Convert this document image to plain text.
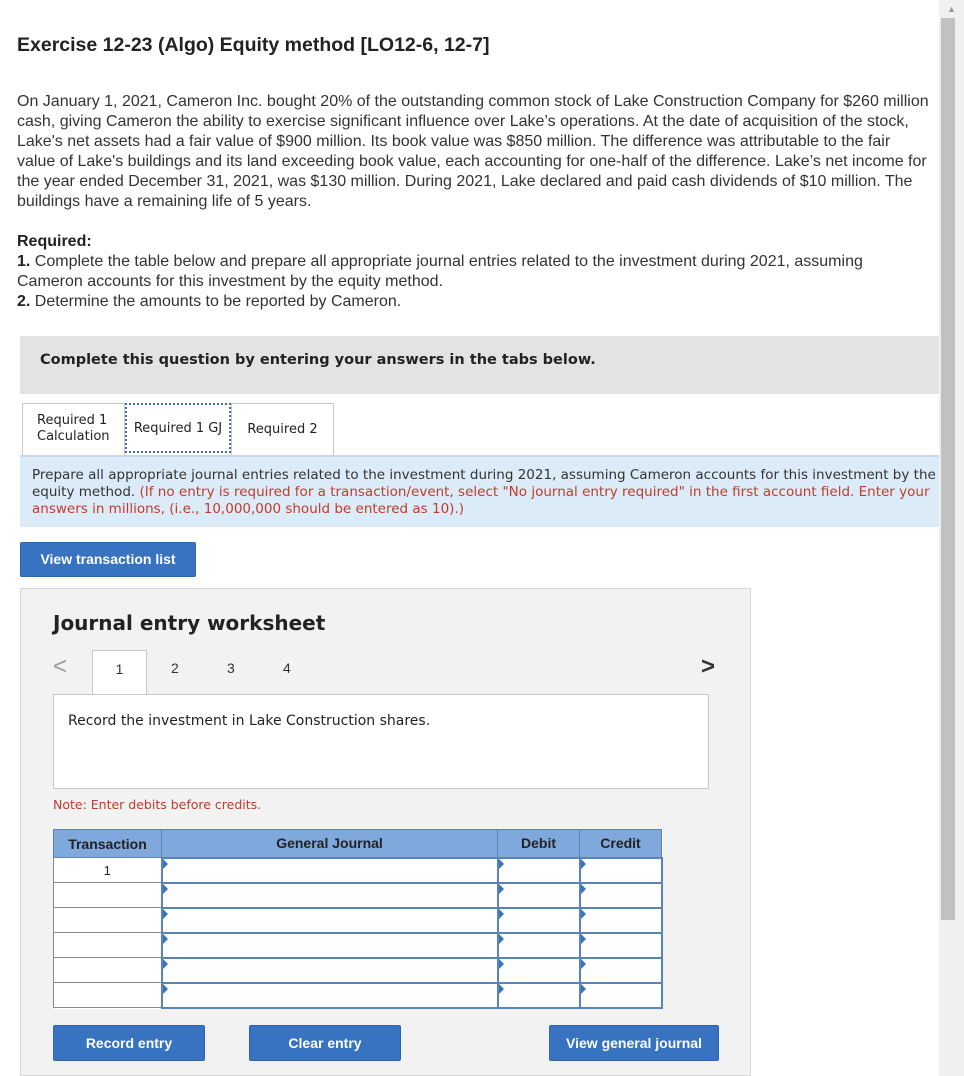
Exercise 12-23 (Algo) Equity method [LO12-6, 12-7]

On January 1, 2021, Cameron Inc. bought 20% of the outstanding common stock of Lake Construction Company for $260 million cash, giving Cameron the ability to exercise significant influence over Lake’s operations. At the date of acquisition of the stock, Lake's net assets had a fair value of $900 million. Its book value was $850 million. The difference was attributable to the fair value of Lake's buildings and its land exceeding book value, each accounting for one-half of the difference. Lake’s net income for the year ended December 31, 2021, was $130 million. During 2021, Lake declared and paid cash dividends of $10 million. The buildings have a remaining life of 5 years.

Required:
1. Complete the table below and prepare all appropriate journal entries related to the investment during 2021, assuming Cameron accounts for this investment by the equity method.
2. Determine the amounts to be reported by Cameron.
Complete this question by entering your answers in the tabs below.
Required 1
Calculation
Required 1 GJ	Required 2
Prepare all appropriate journal entries related to the investment during 2021, assuming Cameron accounts for this investment by the
equity method. (If no entry is required for a transaction/event, select "No journal entry required" in the first account field. Enter your
answers in millions, (i.e., 10,000,000 should be entered as 10).)
View transaction list
Journal entry worksheet
<	1	2	3	4	>
Record the investment in Lake Construction shares.
Note: Enter debits before credits.
Transaction	General Journal	Debit	Credit
1			

Record entry	Clear entry	View general journal
▲
